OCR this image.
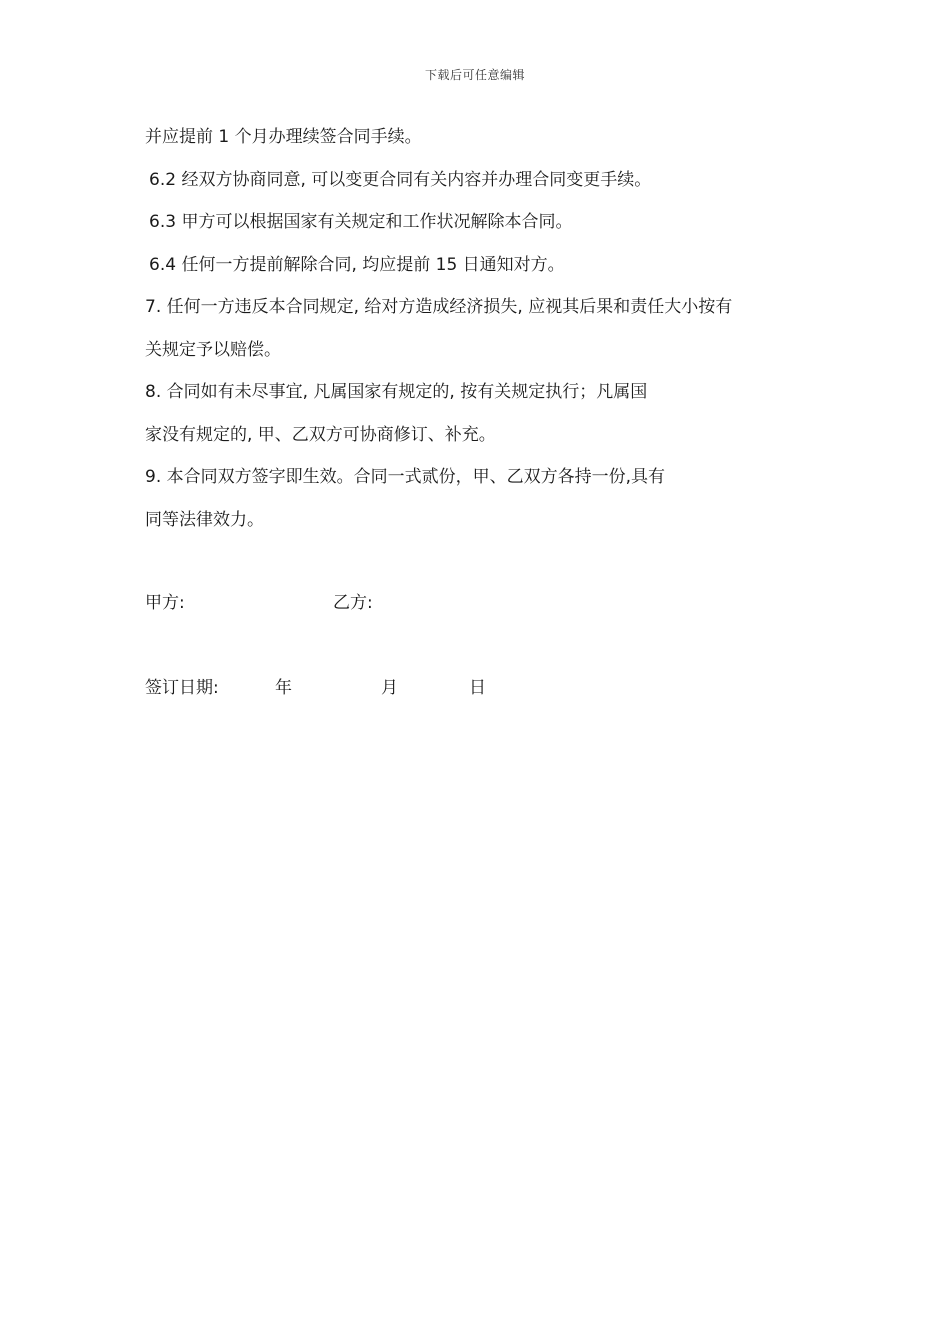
下载后可任意编辑
并应提前 1 个月办理续签合同手续。
6.2 经双方协商同意, 可以变更合同有关内容并办理合同变更手续。
6.3 甲方可以根据国家有关规定和工作状况解除本合同。
6.4 任何一方提前解除合同, 均应提前 15 日通知对方。
7. 任何一方违反本合同规定, 给对方造成经济损失, 应视其后果和责任大小按有
关规定予以赔偿。
8. 合同如有未尽事宜, 凡属国家有规定的, 按有关规定执行；凡属国
家没有规定的, 甲、乙双方可协商修订、补充。
9. 本合同双方签字即生效。合同一式贰份，甲、乙双方各持一份,具有
同等法律效力。
甲方:	乙方:
签订日期:	年	月	日
